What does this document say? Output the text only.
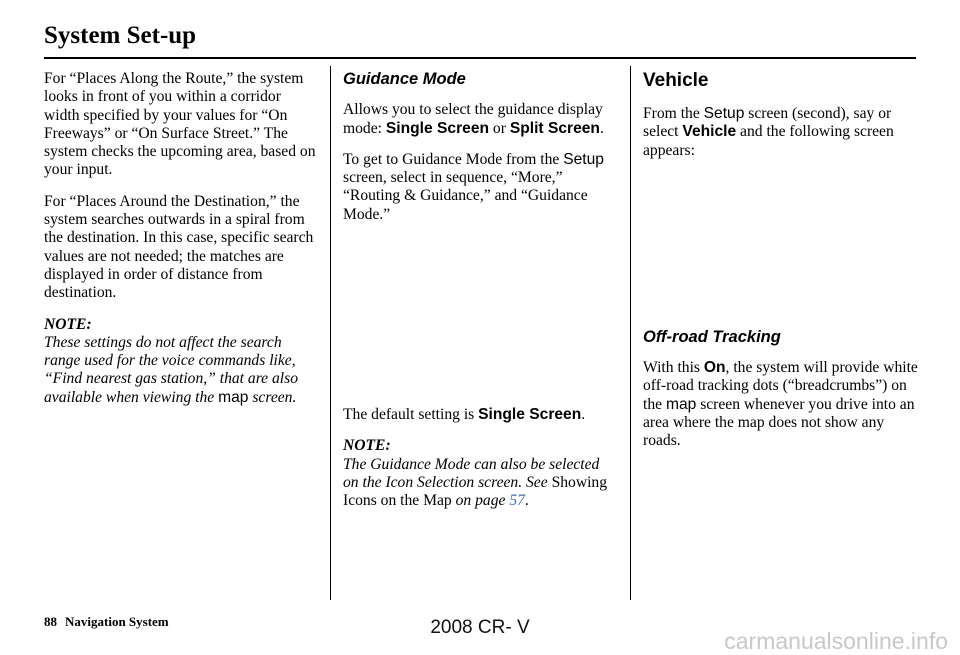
System Set-up

For “Places Along the Route,” the system looks in front of you within a corridor width specified by your values for “On Freeways” or “On Surface Street.” The system checks the upcoming area, based on your input.

For “Places Around the Destination,” the system searches outwards in a spiral from the destination. In this case, specific search values are not needed; the matches are displayed in order of distance from destination.

NOTE:

These settings do not affect the search range used for the voice commands like, “Find nearest gas station,” that are also available when viewing the map screen.

Guidance Mode

Allows you to select the guidance display mode: Single Screen or Split Screen.

To get to Guidance Mode from the Setup screen, select in sequence, “More,” “Routing & Guidance,” and “Guidance Mode.”

The default setting is Single Screen.

NOTE:

The Guidance Mode can also be selected on the Icon Selection screen. See Showing Icons on the Map on page 57.

Vehicle

From the Setup screen (second), say or select Vehicle and the following screen appears:

Off-road Tracking

With this On, the system will provide white off-road tracking dots (“breadcrumbs”) on the map screen whenever you drive into an area where the map does not show any roads.

88 Navigation System	2008 CR- V
carmanualsonline.info
